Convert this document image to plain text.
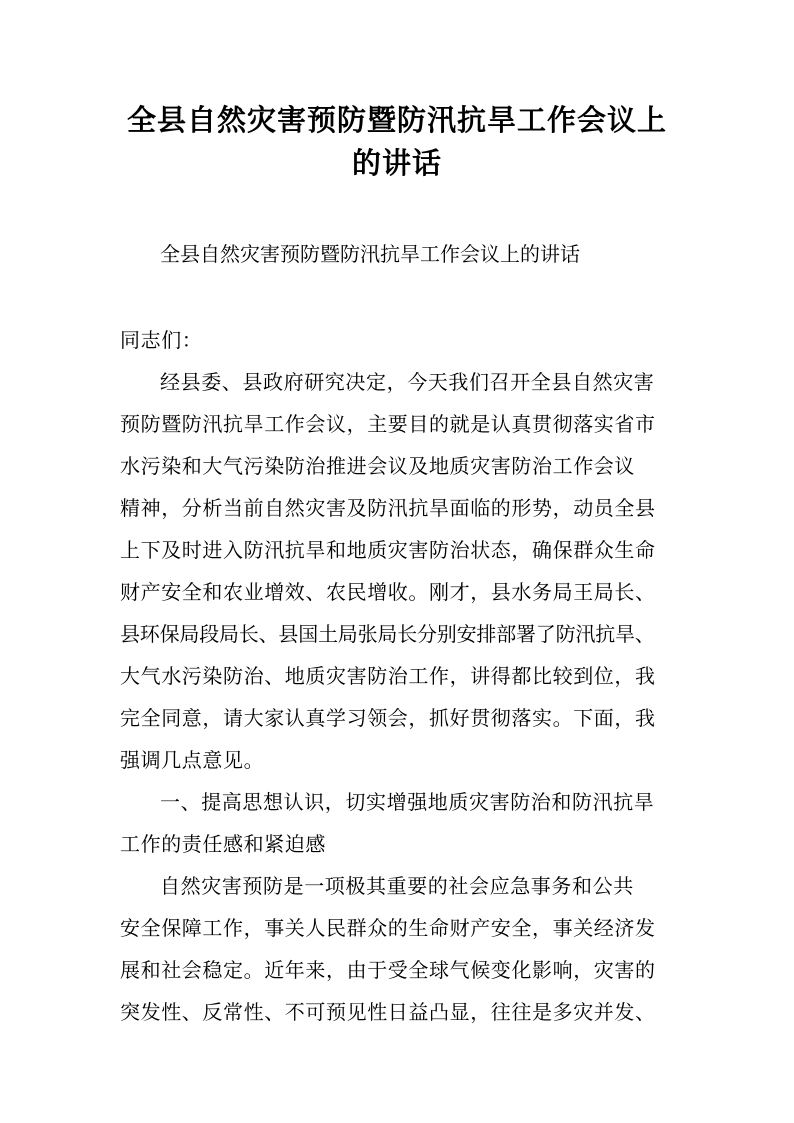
全县自然灾害预防暨防汛抗旱工作会议上
的讲话
全县自然灾害预防暨防汛抗旱工作会议上的讲话
同志们：
经县委、县政府研究决定，今天我们召开全县自然灾害
预防暨防汛抗旱工作会议，主要目的就是认真贯彻落实省市
水污染和大气污染防治推进会议及地质灾害防治工作会议
精神，分析当前自然灾害及防汛抗旱面临的形势，动员全县
上下及时进入防汛抗旱和地质灾害防治状态，确保群众生命
财产安全和农业增效、农民增收。刚才，县水务局王局长、
县环保局段局长、县国土局张局长分别安排部署了防汛抗旱、
大气水污染防治、地质灾害防治工作，讲得都比较到位，我
完全同意，请大家认真学习领会，抓好贯彻落实。下面，我
强调几点意见。
一、提高思想认识，切实增强地质灾害防治和防汛抗旱
工作的责任感和紧迫感
自然灾害预防是一项极其重要的社会应急事务和公共
安全保障工作，事关人民群众的生命财产安全，事关经济发
展和社会稳定。近年来，由于受全球气候变化影响，灾害的
突发性、反常性、不可预见性日益凸显，往往是多灾并发、
